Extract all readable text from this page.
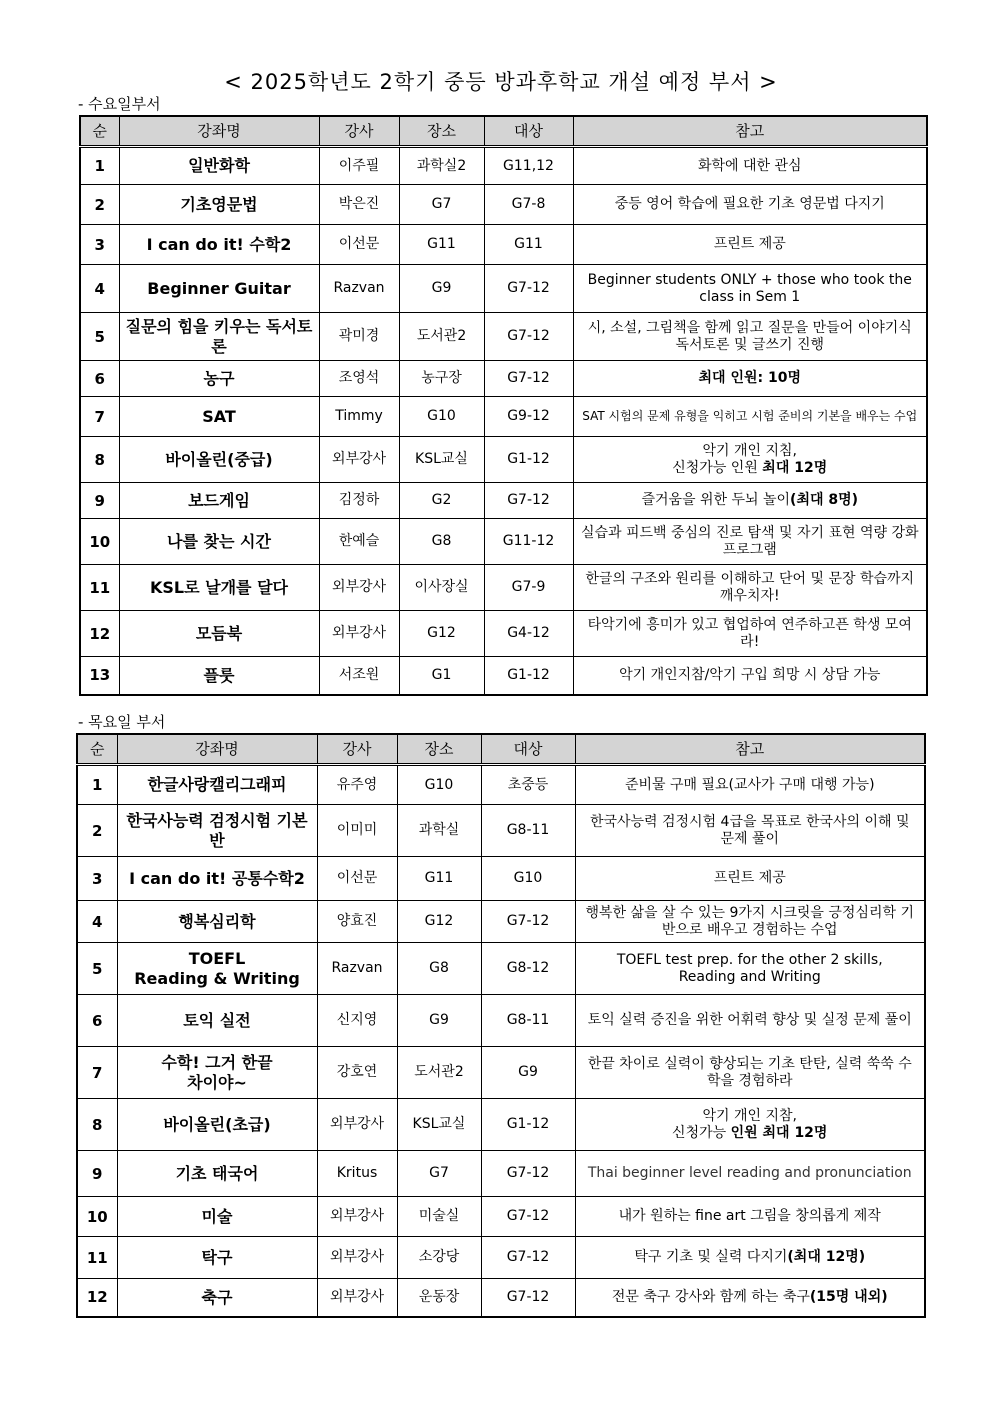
< 2025학년도 2학기 중등 방과후학교 개설 예정 부서 >
- 수요일부서
순	강좌명	강사	장소	대상	참고
1	일반화학	이주필	과학실2	G11,12	화학에 대한 관심
2	기초영문법	박은진	G7	G7-8	중등 영어 학습에 필요한 기초 영문법 다지기
3	I can do it! 수학2	이선문	G11	G11	프린트 제공
4	Beginner Guitar	Razvan	G9	G7-12	Beginner students ONLY + those who took the class in Sem 1
5	질문의 힘을 키우는 독서토론	곽미경	도서관2	G7-12	시, 소설, 그림책을 함께 읽고 질문을 만들어 이야기식 독서토론 및 글쓰기 진행
6	농구	조영석	농구장	G7-12	최대 인원: 10명
7	SAT	Timmy	G10	G9-12	SAT 시험의 문제 유형을 익히고 시험 준비의 기본을 배우는 수업
8	바이올린(중급)	외부강사	KSL교실	G1-12	악기 개인 지침,
신청가능 인원 최대 12명

9	보드게임	김정하	G2	G7-12	즐거움을 위한 두뇌 놀이(최대 8명)
10	나를 찾는 시간	한예슬	G8	G11-12	실습과 피드백 중심의 진로 탐색 및 자기 표현 역량 강화 프로그램
11	KSL로 날개를 달다	외부강사	이사장실	G7-9	한글의 구조와 원리를 이해하고 단어 및 문장 학습까지 깨우치자!
12	모듬북	외부강사	G12	G4-12	타악기에 흥미가 있고 협업하여 연주하고픈 학생 모여라!
13	플룻	서조원	G1	G1-12	악기 개인지참/악기 구입 희망 시 상담 가능
- 목요일 부서
순	강좌명	강사	장소	대상	참고
1	한글사랑캘리그래피	유주영	G10	초중등	준비물 구매 필요(교사가 구매 대행 가능)
2	한국사능력 검정시험 기본반	이미미	과학실	G8-11	한국사능력 검정시험 4급을 목표로 한국사의 이해 및 문제 풀이
3	I can do it! 공통수학2	이선문	G11	G10	프린트 제공
4	행복심리학	양효진	G12	G7-12	행복한 삶을 살 수 있는 9가지 시크릿을 긍정심리학 기반으로 배우고 경험하는 수업
5	TOEFL
Reading & Writing	Razvan	G8	G8-12	TOEFL test prep. for the other 2 skills,
Reading and Writing

6	토익 실전	신지영	G9	G8-11	토익 실력 증진을 위한 어휘력 향상 및 실정 문제 풀이
7	수학! 그거 한끝
차이야~	강호연	도서관2	G9	한끝 차이로 실력이 향상되는 기초 탄탄, 실력 쑥쑥 수학을 경험하라
8	바이올린(초급)	외부강사	KSL교실	G1-12	악기 개인 지참,
신청가능 인원 최대 12명

9	기초 태국어	Kritus	G7	G7-12	Thai beginner level reading and pronunciation
10	미술	외부강사	미술실	G7-12	내가 원하는 fine art 그림을 창의롭게 제작
11	탁구	외부강사	소강당	G7-12	탁구 기초 및 실력 다지기(최대 12명)
12	축구	외부강사	운동장	G7-12	전문 축구 강사와 함께 하는 축구(15명 내외)
